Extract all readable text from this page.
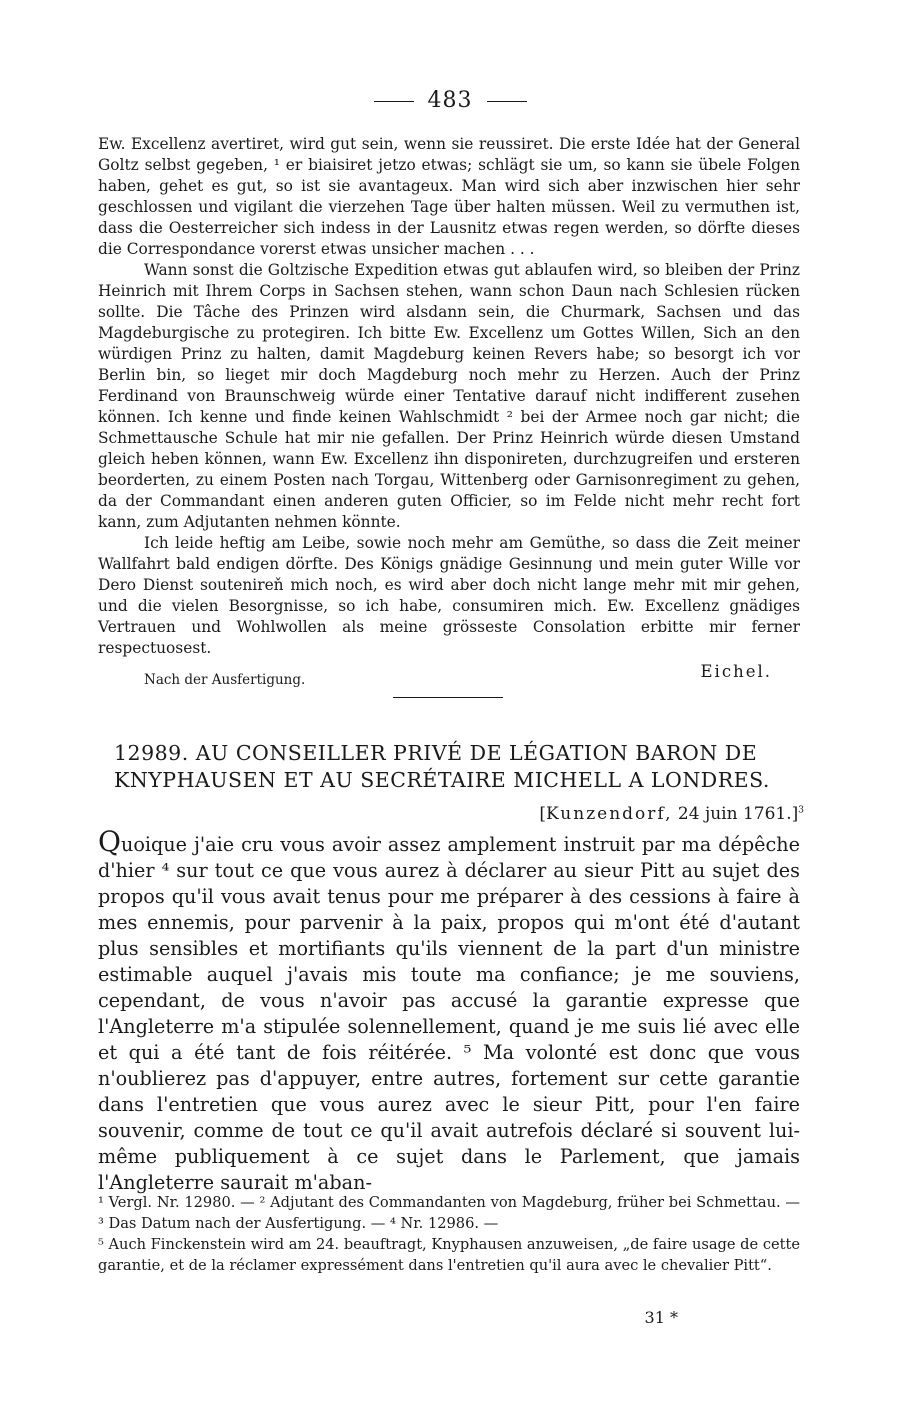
483

Ew. Excellenz avertiret, wird gut sein, wenn sie reussiret. Die erste Idée hat der General Goltz selbst gegeben, ¹ er biaisiret jetzo etwas; schlägt sie um, so kann sie übele Folgen haben, gehet es gut, so ist sie avantageux. Man wird sich aber inzwischen hier sehr geschlossen und vigilant die vierzehen Tage über halten müssen. Weil zu vermuthen ist, dass die Oesterreicher sich indess in der Lausnitz etwas regen werden, so dörfte dieses die Correspondance vorerst etwas unsicher machen . . .

Wann sonst die Goltzische Expedition etwas gut ablaufen wird, so bleiben der Prinz Heinrich mit Ihrem Corps in Sachsen stehen, wann schon Daun nach Schlesien rücken sollte. Die Tâche des Prinzen wird alsdann sein, die Churmark, Sachsen und das Magdeburgische zu protegiren. Ich bitte Ew. Excellenz um Gottes Willen, Sich an den würdigen Prinz zu halten, damit Magdeburg keinen Revers habe; so besorgt ich vor Berlin bin, so lieget mir doch Magdeburg noch mehr zu Herzen. Auch der Prinz Ferdinand von Braunschweig würde einer Tentative darauf nicht indifferent zusehen können. Ich kenne und finde keinen Wahlschmidt ² bei der Armee noch gar nicht; die Schmettausche Schule hat mir nie gefallen. Der Prinz Heinrich würde diesen Umstand gleich heben können, wann Ew. Excellenz ihn disponireten, durchzugreifen und ersteren beorderten, zu einem Posten nach Torgau, Wittenberg oder Garnisonregiment zu gehen, da der Commandant einen anderen guten Officier, so im Felde nicht mehr recht fort kann, zum Adjutanten nehmen könnte.

Ich leide heftig am Leibe, sowie noch mehr am Gemüthe, so dass die Zeit meiner Wallfahrt bald endigen dörfte. Des Königs gnädige Gesinnung und mein guter Wille vor Dero Dienst soutenireň mich noch, es wird aber doch nicht lange mehr mit mir gehen, und die vielen Besorgnisse, so ich habe, consumiren mich. Ew. Excellenz gnädiges Vertrauen und Wohlwollen als meine grösseste Consolation erbitte mir ferner respectuosest.

Nach der Ausfertigung.	Eichel.
12989. AU CONSEILLER PRIVÉ DE LÉGATION BARON DE
KNYPHAUSEN ET AU SECRÉTAIRE MICHELL A LONDRES.
[Kunzendorf, 24 juin 1761.]$^3$

Quoique j'aie cru vous avoir assez amplement instruit par ma dépêche d'hier ⁴ sur tout ce que vous aurez à déclarer au sieur Pitt au sujet des propos qu'il vous avait tenus pour me préparer à des cessions à faire à mes ennemis, pour parvenir à la paix, propos qui m'ont été d'autant plus sensibles et mortifiants qu'ils viennent de la part d'un ministre estimable auquel j'avais mis toute ma confiance; je me souviens, cependant, de vous n'avoir pas accusé la garantie expresse que l'Angleterre m'a stipulée solennellement, quand je me suis lié avec elle et qui a été tant de fois réitérée. ⁵ Ma volonté est donc que vous n'oublierez pas d'appuyer, entre autres, fortement sur cette garantie dans l'entretien que vous aurez avec le sieur Pitt, pour l'en faire souvenir, comme de tout ce qu'il avait autrefois déclaré si souvent lui-même publiquement à ce sujet dans le Parlement, que jamais l'Angleterre saurait m'aban-

¹ Vergl. Nr. 12980. — ² Adjutant des Commandanten von Magdeburg, früher bei Schmettau. — ³ Das Datum nach der Ausfertigung. — ⁴ Nr. 12986. —

⁵ Auch Finckenstein wird am 24. beauftragt, Knyphausen anzuweisen, „de faire usage de cette garantie, et de la réclamer expressément dans l'entretien qu'il aura avec le chevalier Pitt“.

31 *
